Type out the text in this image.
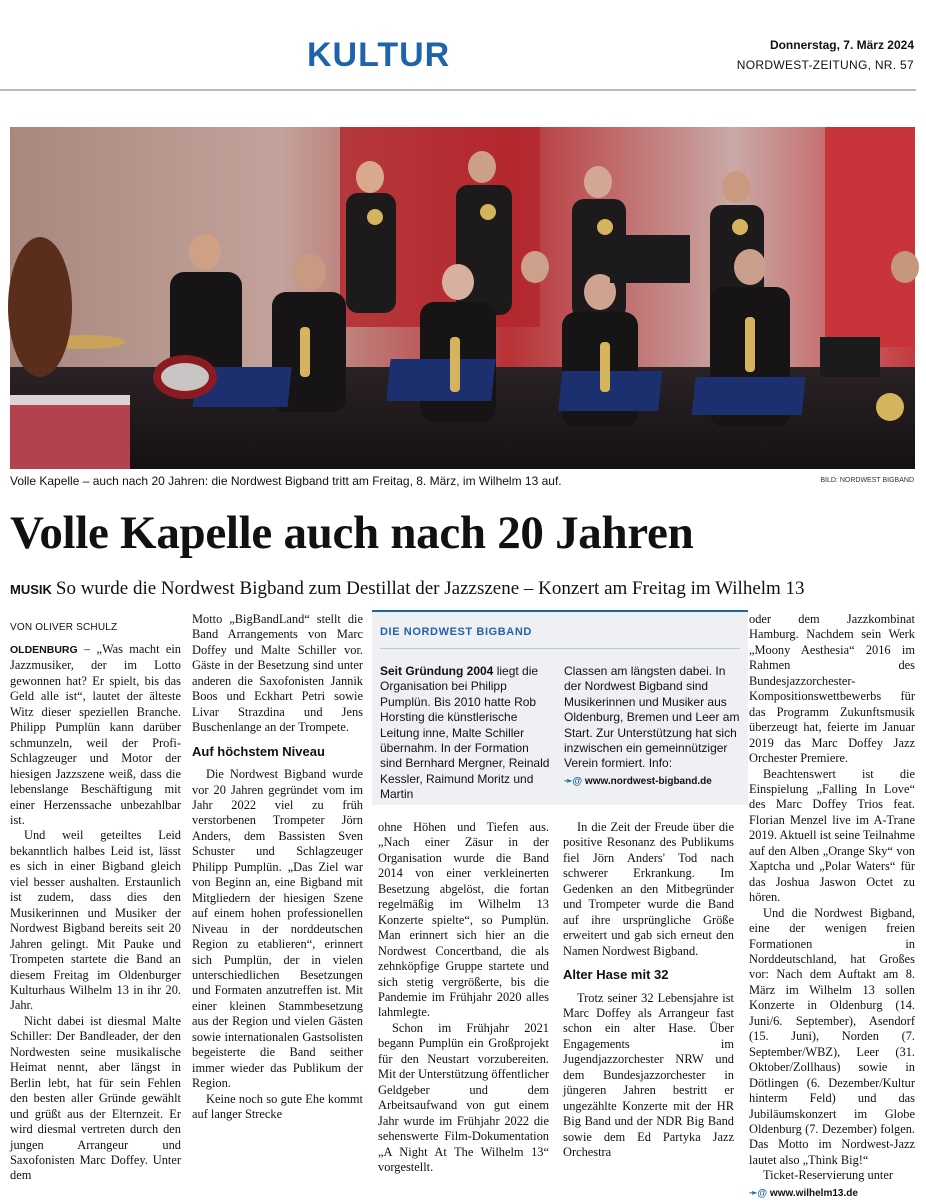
KULTUR	Donnerstag, 7. März 2024
NORDWEST-ZEITUNG, NR. 57
Volle Kapelle – auch nach 20 Jahren: die Nordwest Bigband tritt am Freitag, 8. März, im Wilhelm 13 auf.	BILD: NORDWEST BIGBAND
Volle Kapelle auch nach 20 Jahren
MUSIK So wurde die Nordwest Bigband zum Destillat der Jazzszene – Konzert am Freitag im Wilhelm 13
VON OLIVER SCHULZ

OLDENBURG – „Was macht ein Jazzmusiker, der im Lotto gewonnen hat? Er spielt, bis das Geld alle ist“, lautet der älteste Witz dieser speziellen Branche. Philipp Pumplün kann darüber schmunzeln, weil der Profi-Schlagzeuger und Motor der hiesigen Jazzszene weiß, dass die lebenslange Beschäftigung mit einer Herzenssache unbezahlbar ist.

Und weil geteiltes Leid bekanntlich halbes Leid ist, lässt es sich in einer Bigband gleich viel besser aushalten. Erstaunlich ist zudem, dass dies den Musikerinnen und Musiker der Nordwest Bigband bereits seit 20 Jahren gelingt. Mit Pauke und Trompeten startete die Band an diesem Freitag im Oldenburger Kulturhaus Wilhelm 13 in ihr 20. Jahr.

Nicht dabei ist diesmal Malte Schiller: Der Bandleader, der den Nordwesten seine musikalische Heimat nennt, aber längst in Berlin lebt, hat für sein Fehlen den besten aller Gründe gewählt und grüßt aus der Elternzeit. Er wird diesmal vertreten durch den jungen Arrangeur und Saxofonisten Marc Doffey. Unter dem

Motto „BigBandLand“ stellt die Band Arrangements von Marc Doffey und Malte Schiller vor. Gäste in der Besetzung sind unter anderen die Saxofonisten Jannik Boos und Eckhart Petri sowie Livar Strazdina und Jens Buschenlange an der Trompete.

Auf höchstem Niveau

Die Nordwest Bigband wurde vor 20 Jahren gegründet vom im Jahr 2022 viel zu früh verstorbenen Trompeter Jörn Anders, dem Bassisten Sven Schuster und Schlagzeuger Philipp Pumplün. „Das Ziel war von Beginn an, eine Bigband mit Mitgliedern der hiesigen Szene auf einem hohen professionellen Niveau in der norddeutschen Region zu etablieren“, erinnert sich Pumplün, der in vielen unterschiedlichen Besetzungen und Formaten anzutreffen ist. Mit einer kleinen Stammbesetzung aus der Region und vielen Gästen sowie internationalen Gastsolisten begeisterte die Band seither immer wieder das Publikum der Region.

Keine noch so gute Ehe kommt auf langer Strecke

DIE NORDWEST BIGBAND
Seit Gründung 2004 liegt die Organisation bei Philipp Pumplün. Bis 2010 hatte Rob Horsting die künstlerische Leitung inne, Malte Schiller übernahm. In der Formation sind Bernhard Mergner, Reinald Kessler, Raimund Moritz und Martin
Classen am längsten dabei. In der Nordwest Bigband sind Musikerinnen und Musiker aus Oldenburg, Bremen und Leer am Start. Zur Unterstützung hat sich inzwischen ein gemeinnütziger Verein formiert. Info:
➛@ www.nordwest-bigband.de

ohne Höhen und Tiefen aus. „Nach einer Zäsur in der Organisation wurde die Band 2014 von einer verkleinerten Besetzung abgelöst, die fortan regelmäßig im Wilhelm 13 Konzerte spielte“, so Pumplün. Man erinnert sich hier an die Nordwest Concertband, die als zehnköpfige Gruppe startete und sich stetig vergrößerte, bis die Pandemie im Frühjahr 2020 alles lahmlegte.

Schon im Frühjahr 2021 begann Pumplün ein Großprojekt für den Neustart vorzubereiten. Mit der Unterstützung öffentlicher Geldgeber und dem Arbeitsaufwand von gut einem Jahr wurde im Frühjahr 2022 die sehenswerte Film-Dokumentation „A Night At The Wilhelm 13“ vorgestellt.

In die Zeit der Freude über die positive Resonanz des Publikums fiel Jörn Anders' Tod nach schwerer Erkrankung. Im Gedenken an den Mitbegründer und Trompeter wurde die Band auf ihre ursprüngliche Größe erweitert und gab sich erneut den Namen Nordwest Bigband.

Alter Hase mit 32

Trotz seiner 32 Lebensjahre ist Marc Doffey als Arrangeur fast schon ein alter Hase. Über Engagements im Jugendjazzorchester NRW und dem Bundesjazzorchester in jüngeren Jahren bestritt er ungezählte Konzerte mit der HR Big Band und der NDR Big Band sowie dem Ed Partyka Jazz Orchestra

oder dem Jazzkombinat Hamburg. Nachdem sein Werk „Moony Aesthesia“ 2016 im Rahmen des Bundesjazzorchester-Kompositionswettbewerbs für das Programm Zukunftsmusik überzeugt hat, feierte im Januar 2019 das Marc Doffey Jazz Orchester Premiere.

Beachtenswert ist die Einspielung „Falling In Love“ des Marc Doffey Trios feat. Florian Menzel live im A-Trane 2019. Aktuell ist seine Teilnahme auf den Alben „Orange Sky“ von Xaptcha und „Polar Waters“ für das Joshua Jaswon Octet zu hören.

Und die Nordwest Bigband, eine der wenigen freien Formationen in Norddeutschland, hat Großes vor: Nach dem Auftakt am 8. März im Wilhelm 13 sollen Konzerte in Oldenburg (14. Juni/6. September), Asendorf (15. Juni), Norden (7. September/WBZ), Leer (31. Oktober/Zollhaus) sowie in Dötlingen (6. Dezember/Kultur hinterm Feld) und das Jubiläumskonzert im Globe Oldenburg (7. Dezember) folgen. Das Motto im Nordwest-Jazz lautet also „Think Big!“

Ticket-Reservierung unter

➛@ www.wilhelm13.de
